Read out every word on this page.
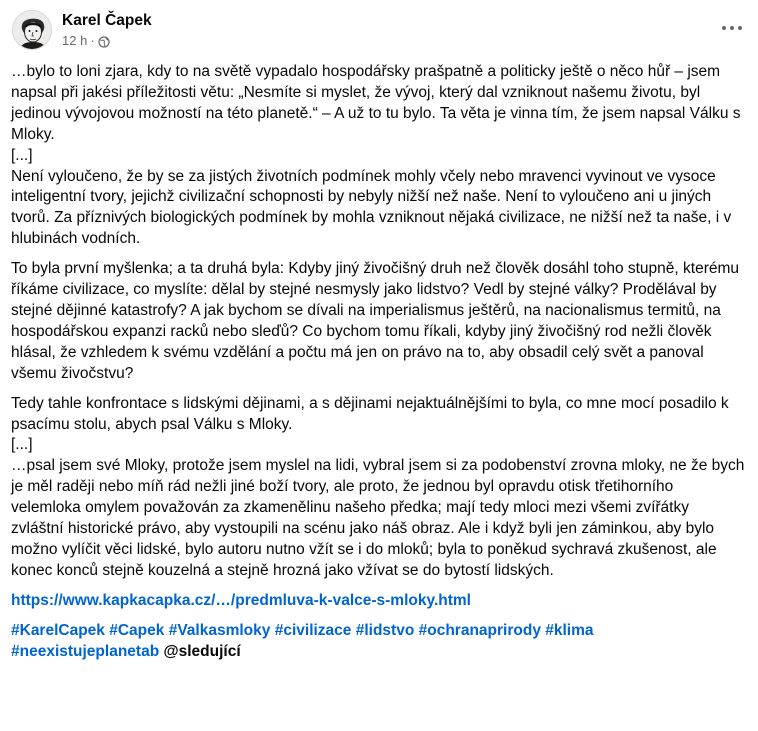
Karel Čapek
12 h ·

…bylo to loni zjara, kdy to na světě vypadalo hospodářsky prašpatně a politicky ještě o něco hůř – jsem napsal při jakési příležitosti větu: „Nesmíte si myslet, že vývoj, který dal vzniknout našemu životu, byl jedinou vývojovou možností na této planetě.“ – A už to tu bylo. Ta věta je vinna tím, že jsem napsal Válku s Mloky.

[...]

Není vyloučeno, že by se za jistých životních podmínek mohly včely nebo mravenci vyvinout ve vysoce inteligentní tvory, jejichž civilizační schopnosti by nebyly nižší než naše. Není to vyloučeno ani u jiných tvorů. Za příznivých biologických podmínek by mohla vzniknout nějaká civilizace, ne nižší než ta naše, i v hlubinách vodních.

To byla první myšlenka; a ta druhá byla: Kdyby jiný živočišný druh než člověk dosáhl toho stupně, kterému říkáme civilizace, co myslíte: dělal by stejné nesmysly jako lidstvo? Vedl by stejné války? Prodělával by stejné dějinné katastrofy? A jak bychom se dívali na imperialismus ještěrů, na nacionalismus termitů, na hospodářskou expanzi racků nebo sleďů? Co bychom tomu říkali, kdyby jiný živočišný rod nežli člověk hlásal, že vzhledem k svému vzdělání a počtu má jen on právo na to, aby obsadil celý svět a panoval všemu živočstvu?

Tedy tahle konfrontace s lidskými dějinami, a s dějinami nejaktuálnějšími to byla, co mne mocí posadilo k psacímu stolu, abych psal Válku s Mloky.

[...]

…psal jsem své Mloky, protože jsem myslel na lidi, vybral jsem si za podobenství zrovna mloky, ne že bych je měl raději nebo míň rád nežli jiné boží tvory, ale proto, že jednou byl opravdu otisk třetihorního velemloka omylem považován za zkamenělinu našeho předka; mají tedy mloci mezi všemi zvířátky zvláštní historické právo, aby vystoupili na scénu jako náš obraz. Ale i když byli jen záminkou, aby bylo možno vylíčit věci lidské, bylo autoru nutno vžít se i do mloků; byla to poněkud sychravá zkušenost, ale konec konců stejně kouzelná a stejně hrozná jako vžívat se do bytostí lidských.

https://www.kapkacapka.cz/…/predmluva-k-valce-s-mloky.html

#KarelCapek #Capek #Valkasmloky #civilizace #lidstvo #ochranaprirody #klima #neexistujeplanetab @sledující
